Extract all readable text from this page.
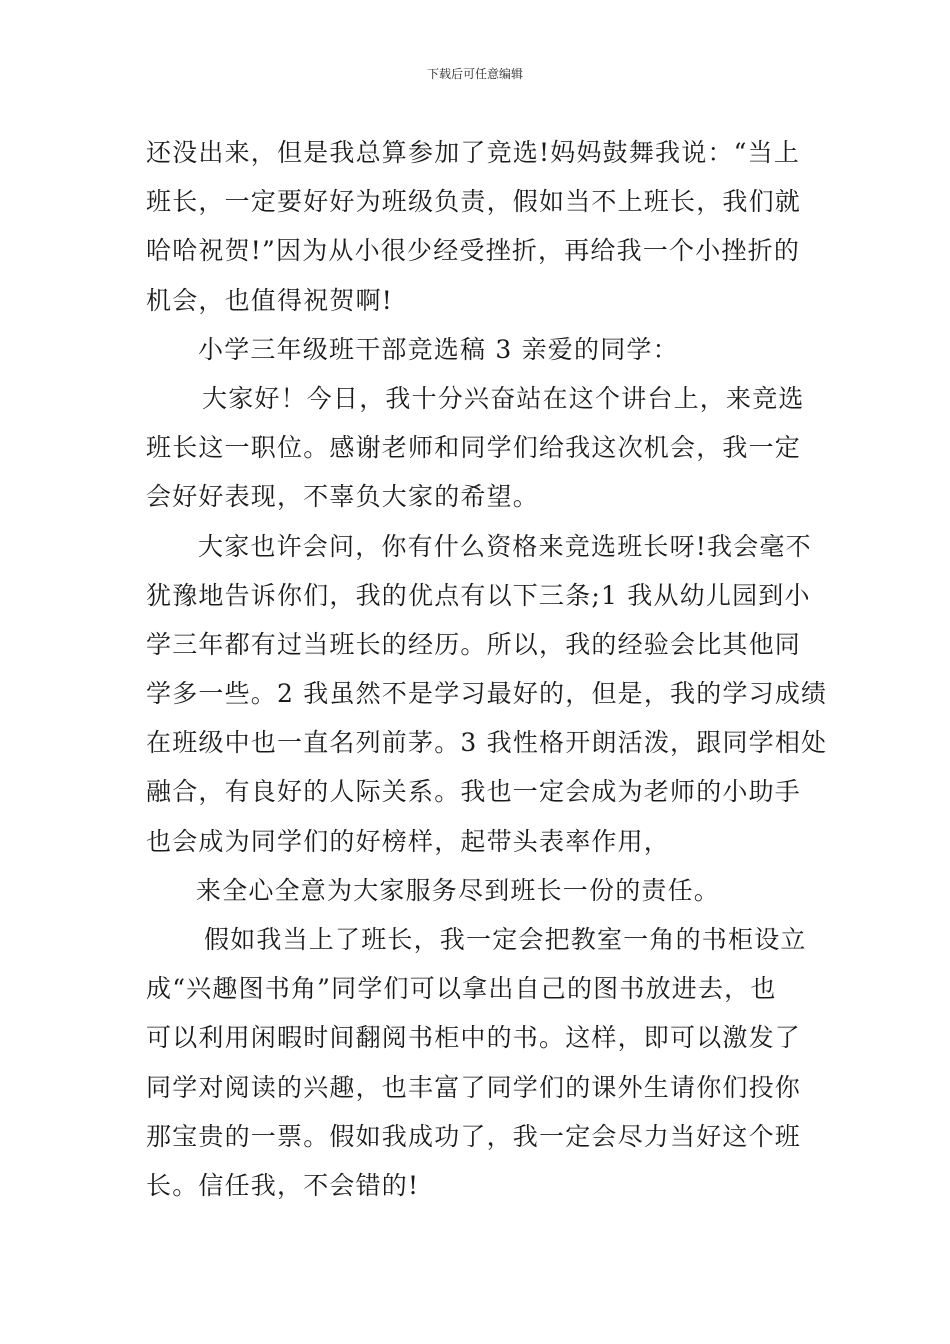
下载后可任意编辑
还没出来，但是我总算参加了竞选!妈妈鼓舞我说：“当上
班长，一定要好好为班级负责，假如当不上班长，我们就
哈哈祝贺!”因为从小很少经受挫折，再给我一个小挫折的
机会，也值得祝贺啊!
小学三年级班干部竞选稿 3 亲爱的同学：
大家好！今日，我十分兴奋站在这个讲台上，来竞选
班长这一职位。感谢老师和同学们给我这次机会，我一定
会好好表现，不辜负大家的希望。
大家也许会问，你有什么资格来竞选班长呀!我会毫不
犹豫地告诉你们，我的优点有以下三条;1 我从幼儿园到小
学三年都有过当班长的经历。所以，我的经验会比其他同
学多一些。2 我虽然不是学习最好的，但是，我的学习成绩
在班级中也一直名列前茅。3 我性格开朗活泼，跟同学相处
融合，有良好的人际关系。我也一定会成为老师的小助手
也会成为同学们的好榜样，起带头表率作用，
来全心全意为大家服务尽到班长一份的责任。
假如我当上了班长，我一定会把教室一角的书柜设立
成“兴趣图书角”同学们可以拿出自己的图书放进去，也
可以利用闲暇时间翻阅书柜中的书。这样，即可以激发了
同学对阅读的兴趣，也丰富了同学们的课外生请你们投你
那宝贵的一票。假如我成功了，我一定会尽力当好这个班
长。信任我，不会错的!
